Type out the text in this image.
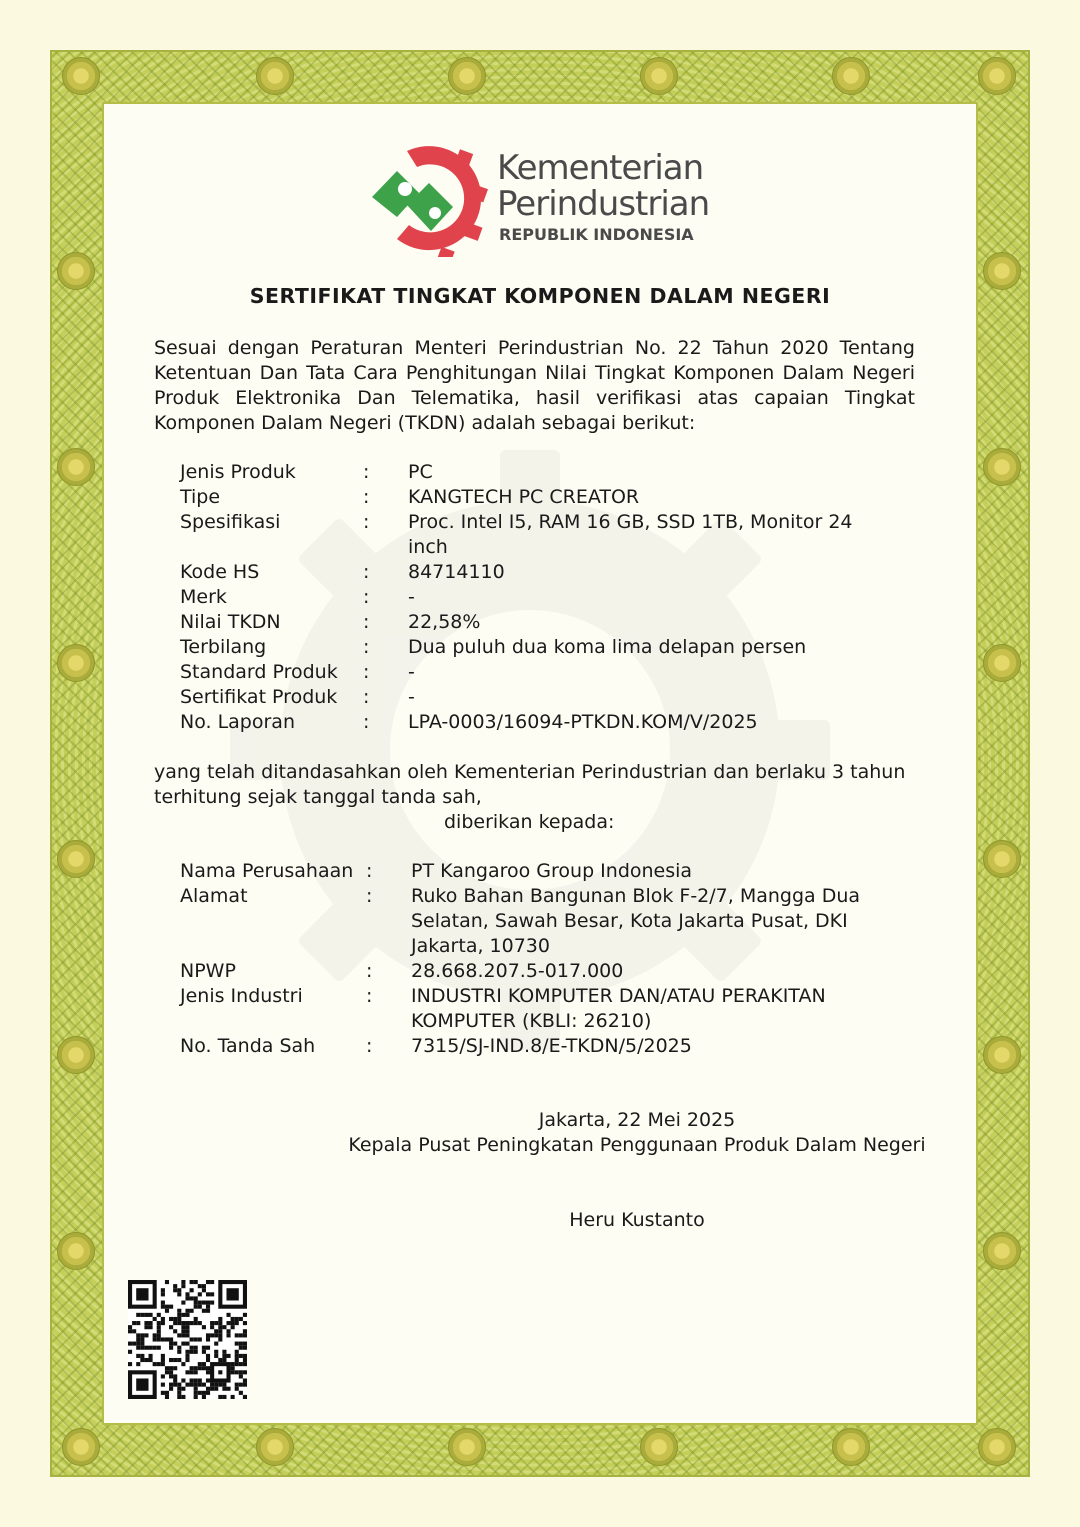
Kementerian
Perindustrian
REPUBLIK INDONESIA
SERTIFIKAT TINGKAT KOMPONEN DALAM NEGERI
Sesuai dengan Peraturan Menteri Perindustrian No. 22 Tahun 2020 Tentang Ketentuan Dan Tata Cara Penghitungan Nilai Tingkat Komponen Dalam Negeri Produk Elektronika Dan Telematika, hasil verifikasi atas capaian Tingkat Komponen Dalam Negeri (TKDN) adalah sebagai berikut:
Jenis Produk	: PC
Tipe	: KANGTECH PC CREATOR
Spesifikasi	: Proc. Intel I5, RAM 16 GB, SSD 1TB, Monitor 24 inch
Kode HS	: 84714110
Merk	: -
Nilai TKDN	: 22,58%
Terbilang	: Dua puluh dua koma lima delapan persen
Standard Produk : -
Sertifikat Produk : -
No. Laporan	: LPA-0003/16094-PTKDN.KOM/V/2025
yang telah ditandasahkan oleh Kementerian Perindustrian dan berlaku 3 tahun terhitung sejak tanggal tanda sah,
diberikan kepada:
Nama Perusahaan : PT Kangaroo Group Indonesia
Alamat	: Ruko Bahan Bangunan Blok F-2/7, Mangga Dua Selatan, Sawah Besar, Kota Jakarta Pusat, DKI Jakarta, 10730
NPWP	: 28.668.207.5-017.000
Jenis Industri	: INDUSTRI KOMPUTER DAN/ATAU PERAKITAN KOMPUTER (KBLI: 26210)
No. Tanda Sah	: 7315/SJ-IND.8/E-TKDN/5/2025
Jakarta, 22 Mei 2025
Kepala Pusat Peningkatan Penggunaan Produk Dalam Negeri
Heru Kustanto
